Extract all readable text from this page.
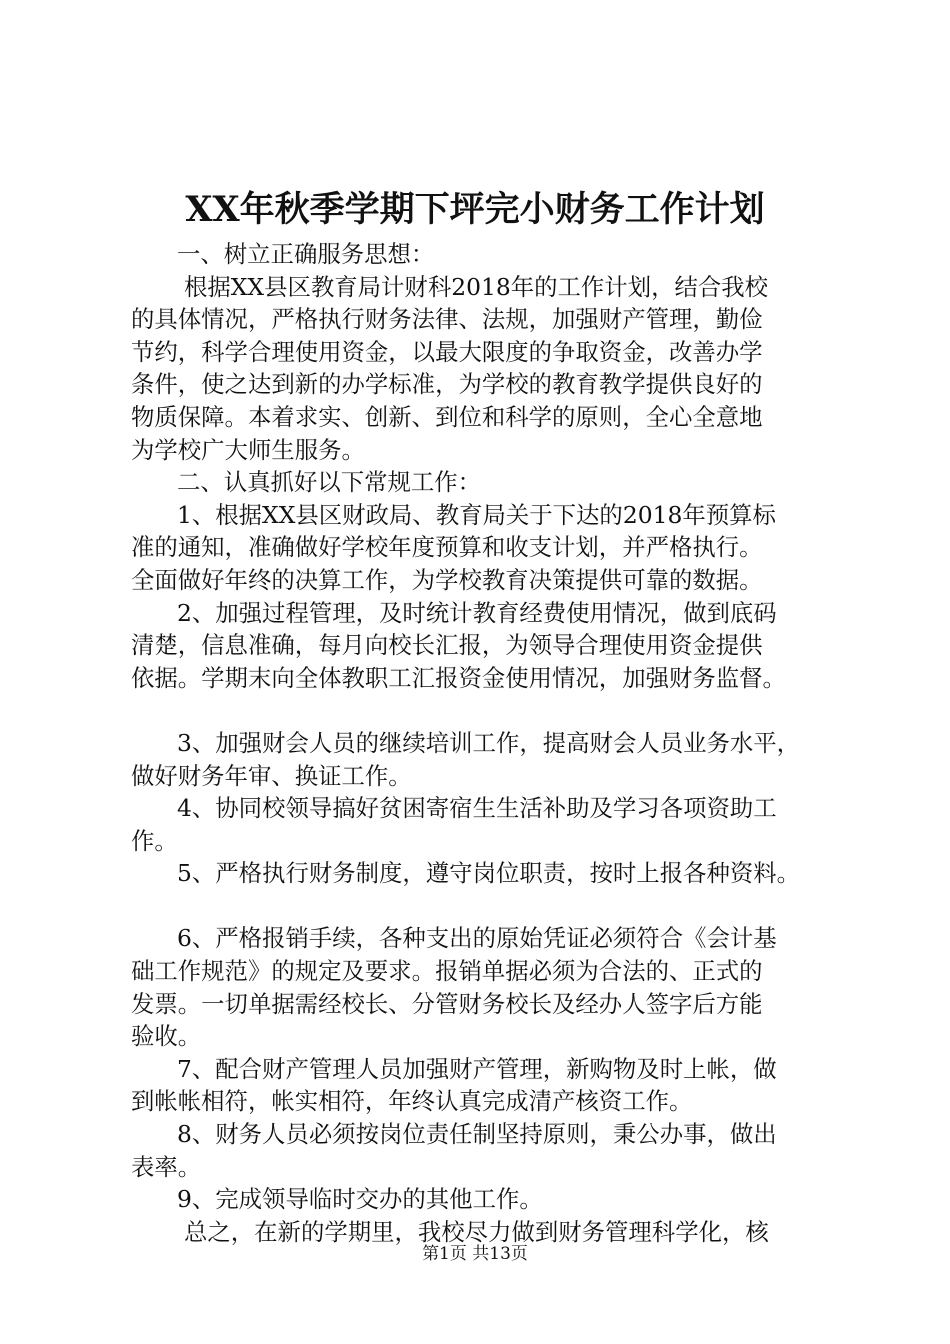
XX年秋季学期下坪完小财务工作计划

一、树立正确服务思想：

根据XX县区教育局计财科2018年的工作计划，结合我校

的具体情况，严格执行财务法律、法规，加强财产管理，勤俭

节约，科学合理使用资金，以最大限度的争取资金，改善办学

条件，使之达到新的办学标准，为学校的教育教学提供良好的

物质保障。本着求实、创新、到位和科学的原则，全心全意地

为学校广大师生服务。

二、认真抓好以下常规工作：

1、根据XX县区财政局、教育局关于下达的2018年预算标

准的通知，准确做好学校年度预算和收支计划，并严格执行。

全面做好年终的决算工作，为学校教育决策提供可靠的数据。

2、加强过程管理，及时统计教育经费使用情况，做到底码

清楚，信息准确，每月向校长汇报，为领导合理使用资金提供

依据。学期末向全体教职工汇报资金使用情况，加强财务监督。

3、加强财会人员的继续培训工作，提高财会人员业务水平，

做好财务年审、换证工作。

4、协同校领导搞好贫困寄宿生生活补助及学习各项资助工

作。

5、严格执行财务制度，遵守岗位职责，按时上报各种资料。

6、严格报销手续，各种支出的原始凭证必须符合《会计基

础工作规范》的规定及要求。报销单据必须为合法的、正式的

发票。一切单据需经校长、分管财务校长及经办人签字后方能

验收。

7、配合财产管理人员加强财产管理，新购物及时上帐，做

到帐帐相符，帐实相符，年终认真完成清产核资工作。

8、财务人员必须按岗位责任制坚持原则，秉公办事，做出

表率。

9、完成领导临时交办的其他工作。

总之，在新的学期里，我校尽力做到财务管理科学化，核

第1页 共13页
